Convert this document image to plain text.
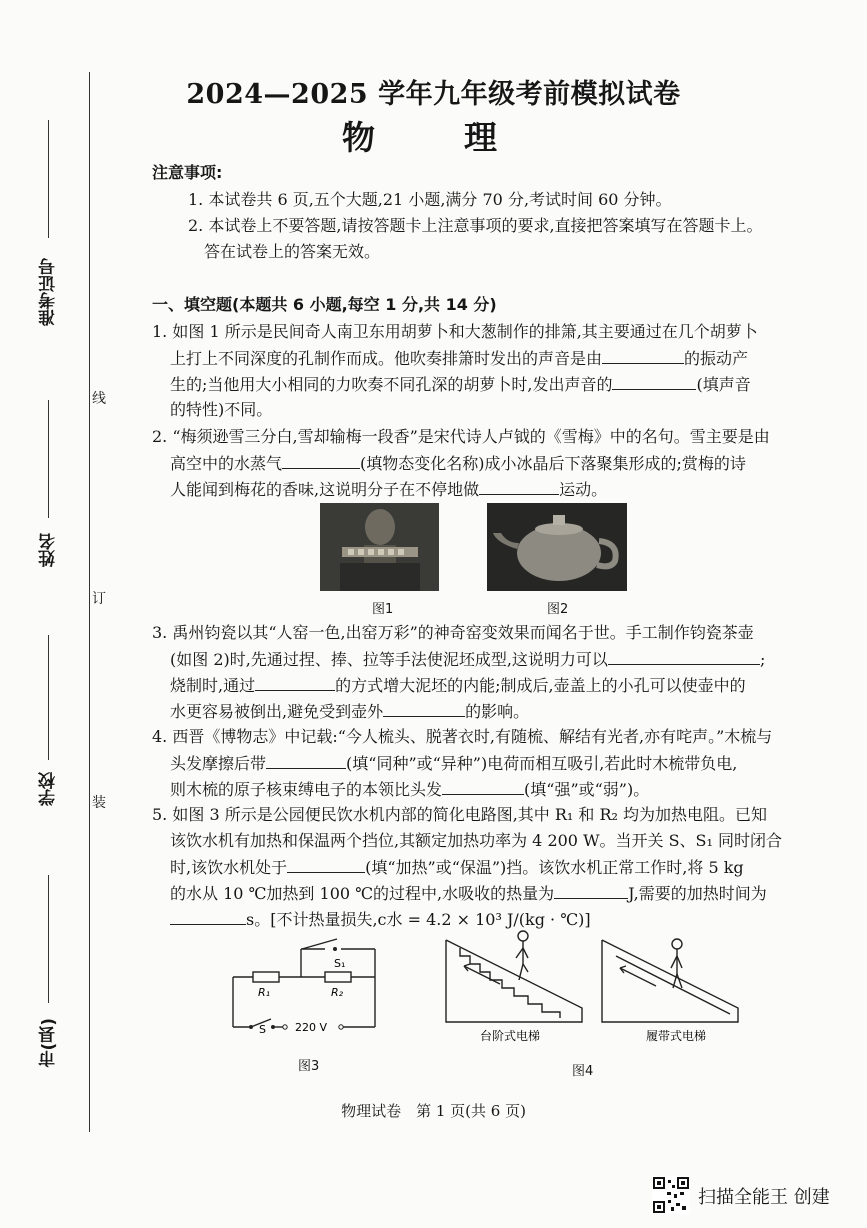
准考证号
姓名
学校
市(县)
线
订
装
2024—2025 学年九年级考前模拟试卷
物　理
注意事项:
1. 本试卷共 6 页,五个大题,21 小题,满分 70 分,考试时间 60 分钟。
2. 本试卷上不要答题,请按答题卡上注意事项的要求,直接把答案填写在答题卡上。
答在试卷上的答案无效。
一、填空题(本题共 6 小题,每空 1 分,共 14 分)
1. 如图 1 所示是民间奇人南卫东用胡萝卜和大葱制作的排箫,其主要通过在几个胡萝卜
上打上不同深度的孔制作而成。他吹奏排箫时发出的声音是由	的振动产
生的;当他用大小相同的力吹奏不同孔深的胡萝卜时,发出声音的	(填声音
的特性)不同。
2. “梅须逊雪三分白,雪却输梅一段香”是宋代诗人卢钺的《雪梅》中的名句。雪主要是由
高空中的水蒸气	(填物态变化名称)成小冰晶后下落聚集形成的;赏梅的诗
人能闻到梅花的香味,这说明分子在不停地做	运动。
图1	图2
3. 禹州钧瓷以其“人窑一色,出窑万彩”的神奇窑变效果而闻名于世。手工制作钧瓷茶壶
(如图 2)时,先通过捏、捧、拉等手法使泥坯成型,这说明力可以	;
烧制时,通过	的方式增大泥坯的内能;制成后,壶盖上的小孔可以使壶中的
水更容易被倒出,避免受到壶外	的影响。
4. 西晋《博物志》中记载:“今人梳头、脱著衣时,有随梳、解结有光者,亦有咤声。”木梳与
头发摩擦后带	(填“同种”或“异种”)电荷而相互吸引,若此时木梳带负电,
则木梳的原子核束缚电子的本领比头发	(填“强”或“弱”)。
5. 如图 3 所示是公园便民饮水机内部的简化电路图,其中 R₁ 和 R₂ 均为加热电阻。已知
该饮水机有加热和保温两个挡位,其额定加热功率为 4 200 W。当开关 S、S₁ 同时闭合
时,该饮水机处于	(填“加热”或“保温”)挡。该饮水机正常工作时,将 5 kg
的水从 10 ℃加热到 100 ℃的过程中,水吸收的热量为	J,需要的加热时间为
s。[不计热量损失,c水 = 4.2 × 10³ J/(kg · ℃)]
S₁
R₁	R₂
S	220 V
图3
台阶式电梯	履带式电梯
图4
物理试卷　第 1 页(共 6 页)
扫描全能王 创建
